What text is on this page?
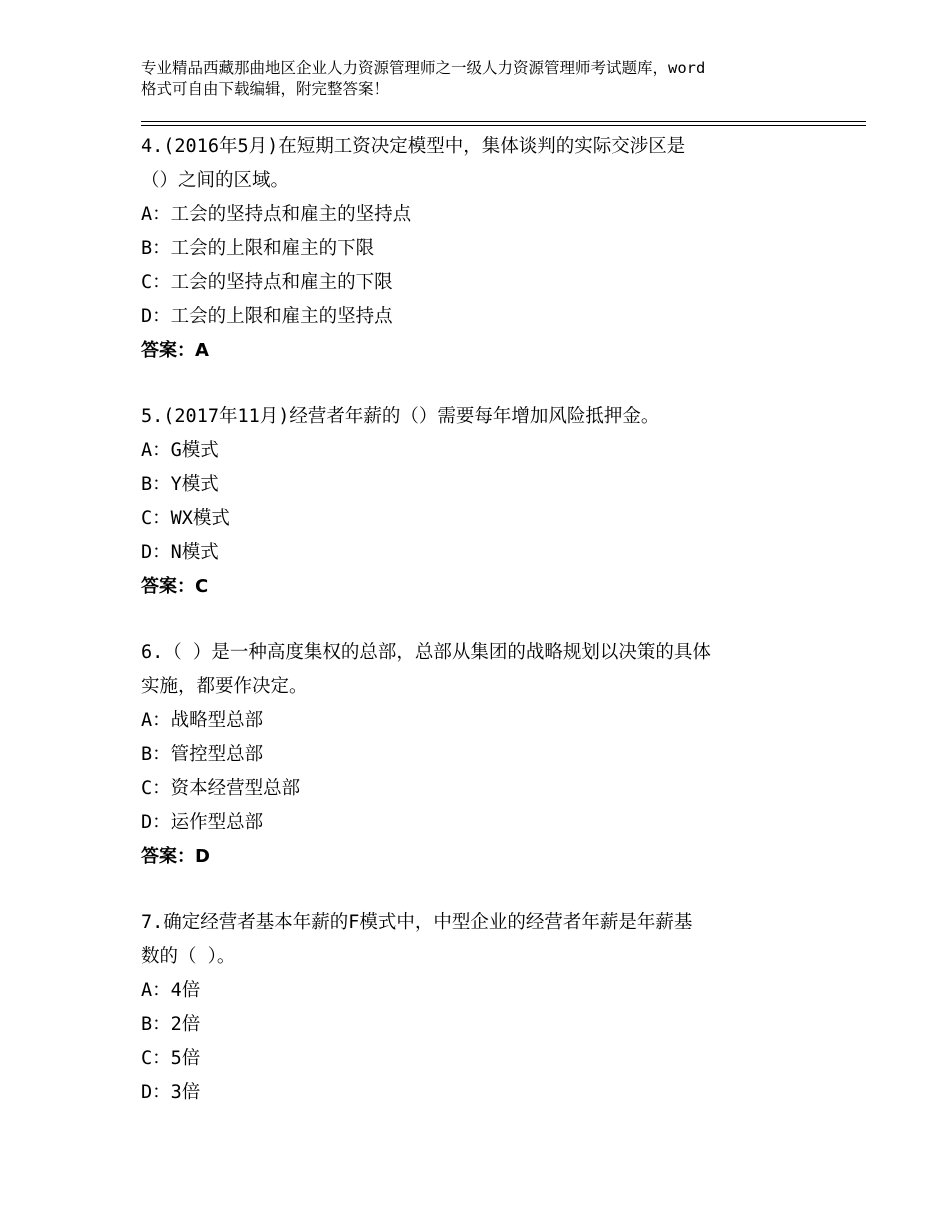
专业精品西藏那曲地区企业人力资源管理师之一级人力资源管理师考试题库，word
格式可自由下载编辑，附完整答案！
4.(2016年5月)在短期工资决定模型中，集体谈判的实际交涉区是
（）之间的区域。
A：工会的坚持点和雇主的坚持点
B：工会的上限和雇主的下限
C：工会的坚持点和雇主的下限
D：工会的上限和雇主的坚持点
答案：A
5.(2017年11月)经营者年薪的（）需要每年增加风险抵押金。
A：G模式
B：Y模式
C：WX模式
D：N模式
答案：C
6.（ ）是一种高度集权的总部，总部从集团的战略规划以决策的具体
实施，都要作决定。
A：战略型总部
B：管控型总部
C：资本经营型总部
D：运作型总部
答案：D
7.确定经营者基本年薪的F模式中，中型企业的经营者年薪是年薪基
数的（ ）。
A：4倍
B：2倍
C：5倍
D：3倍
